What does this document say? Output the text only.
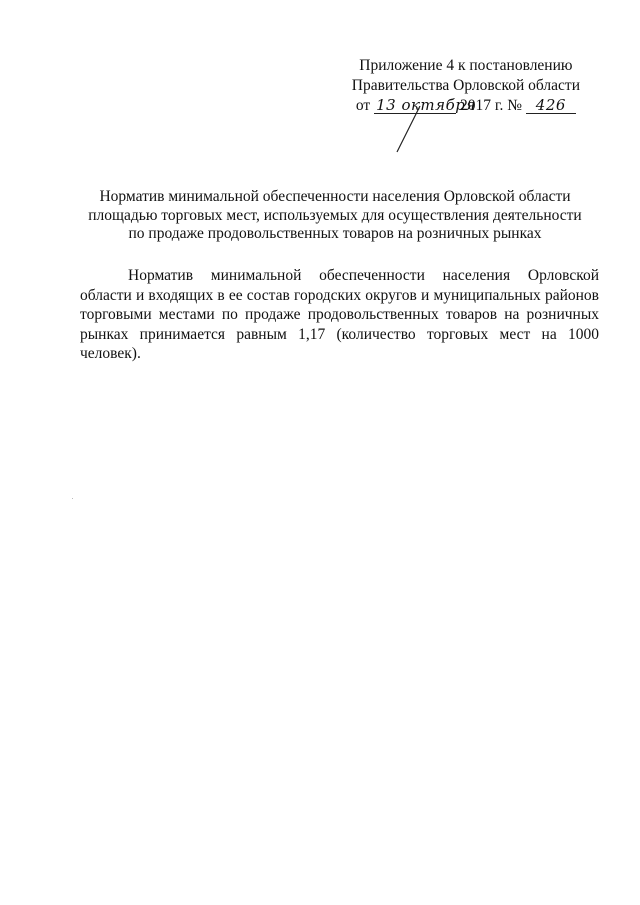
Приложение 4 к постановлению
Правительства Орловской области
от 13 октября 2017 г. № 426
Норматив минимальной обеспеченности населения Орловской области
площадью торговых мест, используемых для осуществления деятельности
по продаже продовольственных товаров на розничных рынках
Норматив минимальной обеспеченности населения Орловской области и входящих в ее состав городских округов и муниципальных районов торговыми местами по продаже продовольственных товаров на розничных рынках принимается равным 1,17 (количество торговых мест на 1000 человек).
